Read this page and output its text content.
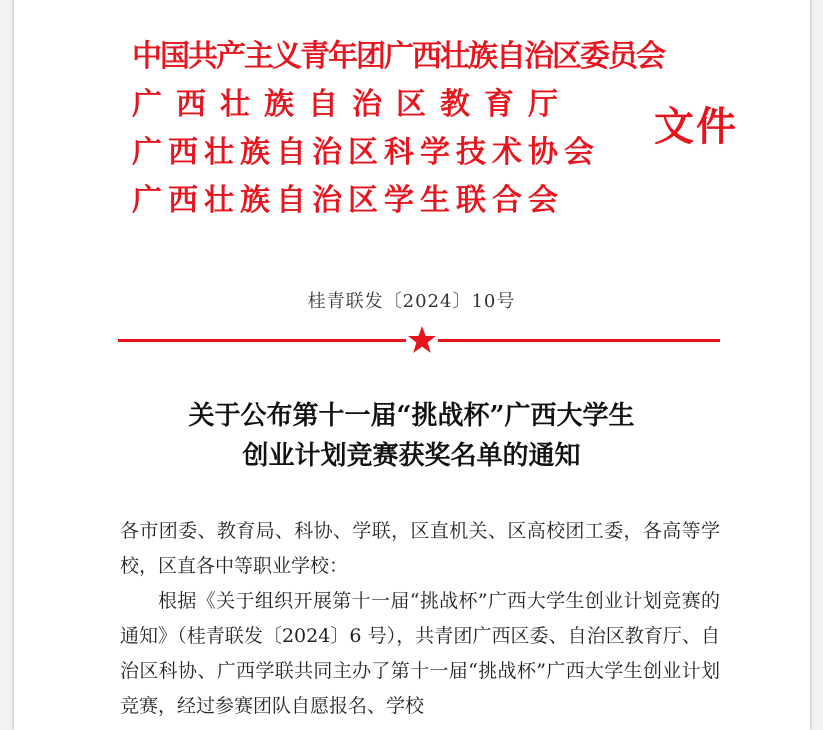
中国共产主义青年团广西壮族自治区委员会
广西壮族自治区教育厅
广西壮族自治区科学技术协会
广西壮族自治区学生联合会
文件
桂青联发〔2024〕10号
关于公布第十一届“挑战杯”广西大学生
创业计划竞赛获奖名单的通知

各市团委、教育局、科协、学联，区直机关、区高校团工委，各高等学校，区直各中等职业学校：

根据《关于组织开展第十一届“挑战杯”广西大学生创业计划竞赛的通知》（桂青联发〔2024〕6 号），共青团广西区委、自治区教育厅、自治区科协、广西学联共同主办了第十一届“挑战杯”广西大学生创业计划竞赛，经过参赛团队自愿报名、学校
